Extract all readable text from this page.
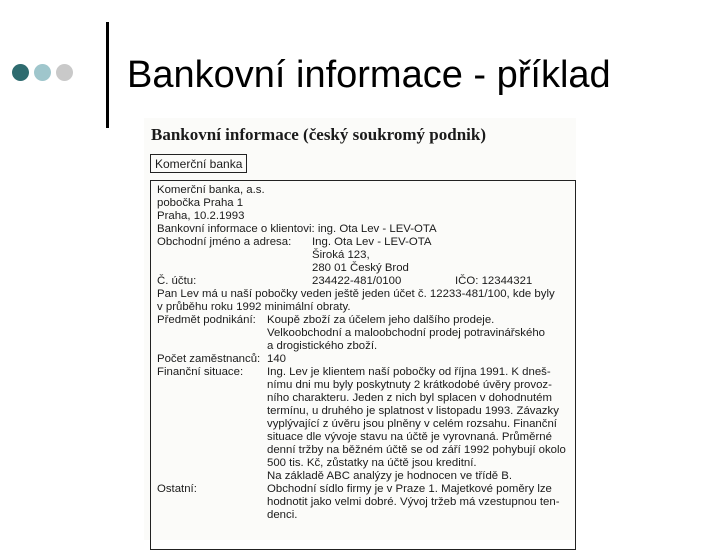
Bankovní informace - příklad
Bankovní informace (český soukromý podnik)
Komerční banka
Komerční banka, a.s.
pobočka Praha 1
Praha, 10.2.1993
Bankovní informace o klientovi: ing. Ota Lev - LEV-OTA
Obchodní jméno a adresa: Ing. Ota Lev - LEV-OTA
Široká 123,
280 01 Český Brod
Č. účtu:	234422-481/0100	IČO: 12344321
Pan Lev má u naší pobočky veden ještě jeden účet č. 12233-481/100, kde byly
v průběhu roku 1992 minimální obraty.
Předmět podnikání: Koupě zboží za účelem jeho dalšího prodeje.
Velkoobchodní a maloobchodní prodej potravinářského
a drogistického zboží.
Počet zaměstnanců: 140
Finanční situace: Ing. Lev je klientem naší pobočky od října 1991. K dneš-
nímu dni mu byly poskytnuty 2 krátkodobé úvěry provoz-
ního charakteru. Jeden z nich byl splacen v dohodnutém
termínu, u druhého je splatnost v listopadu 1993. Závazky
vyplývající z úvěru jsou plněny v celém rozsahu. Finanční
situace dle vývoje stavu na účtě je vyrovnaná. Průměrné
denní tržby na běžném účtě se od září 1992 pohybují okolo
500 tis. Kč, zůstatky na účtě jsou kreditní.
Na základě ABC analýzy je hodnocen ve třídě B.
Ostatní:	Obchodní sídlo firmy je v Praze 1. Majetkové poměry lze
hodnotit jako velmi dobré. Vývoj tržeb má vzestupnou ten-
denci.
